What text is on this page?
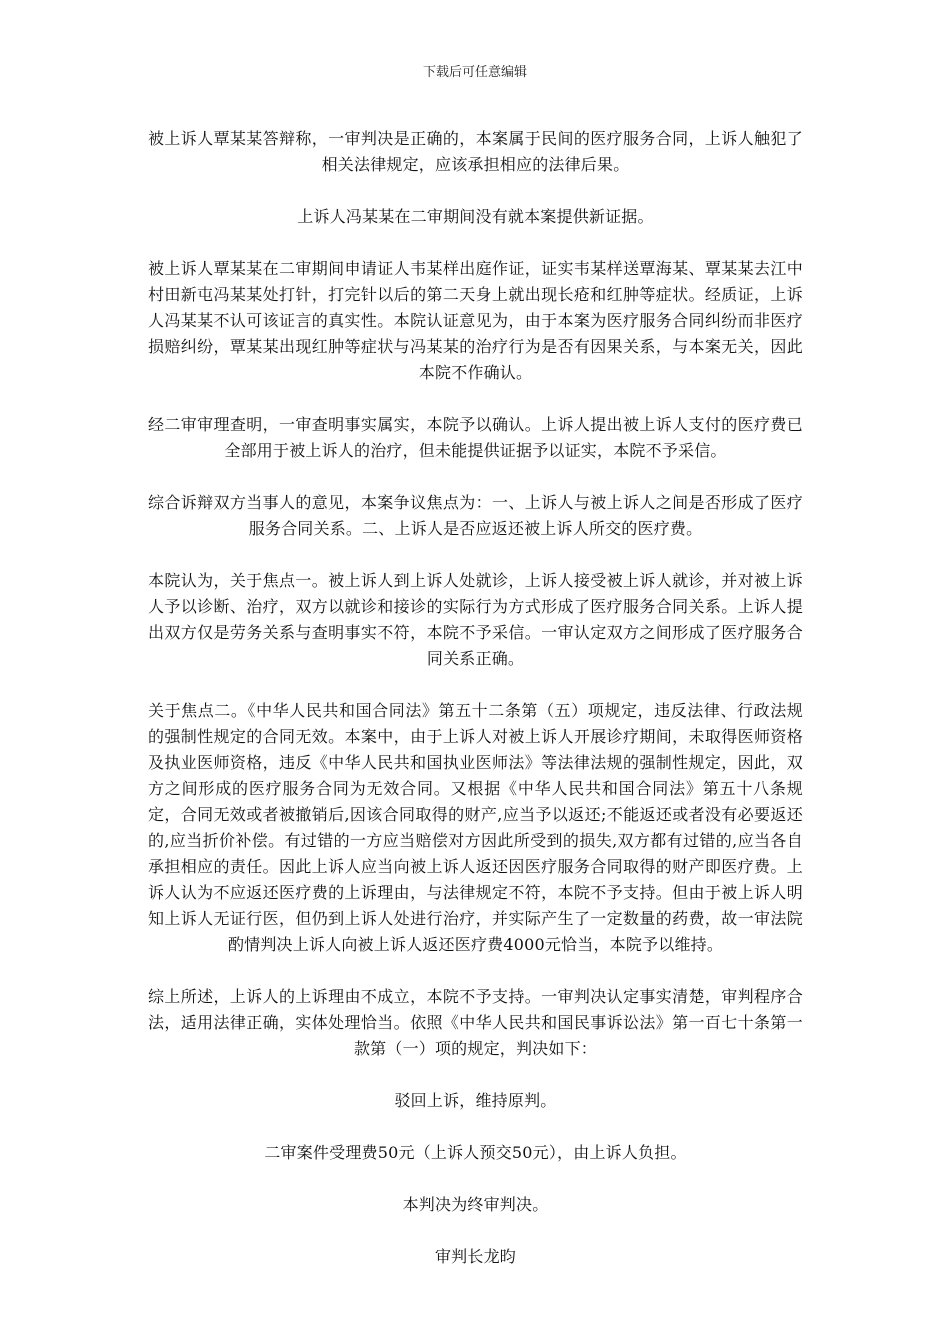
下载后可任意编辑

被上诉人覃某某答辩称，一审判决是正确的，本案属于民间的医疗服务合同，上诉人触犯了相关法律规定，应该承担相应的法律后果。

上诉人冯某某在二审期间没有就本案提供新证据。

被上诉人覃某某在二审期间申请证人韦某样出庭作证，证实韦某样送覃海某、覃某某去江中村田新屯冯某某处打针，打完针以后的第二天身上就出现长疮和红肿等症状。经质证，上诉人冯某某不认可该证言的真实性。本院认证意见为，由于本案为医疗服务合同纠纷而非医疗损赔纠纷，覃某某出现红肿等症状与冯某某的治疗行为是否有因果关系，与本案无关，因此本院不作确认。

经二审审理查明，一审查明事实属实，本院予以确认。上诉人提出被上诉人支付的医疗费已全部用于被上诉人的治疗，但未能提供证据予以证实，本院不予采信。

综合诉辩双方当事人的意见，本案争议焦点为：一、上诉人与被上诉人之间是否形成了医疗服务合同关系。二、上诉人是否应返还被上诉人所交的医疗费。

本院认为，关于焦点一。被上诉人到上诉人处就诊，上诉人接受被上诉人就诊，并对被上诉人予以诊断、治疗，双方以就诊和接诊的实际行为方式形成了医疗服务合同关系。上诉人提出双方仅是劳务关系与查明事实不符，本院不予采信。一审认定双方之间形成了医疗服务合同关系正确。

关于焦点二。《中华人民共和国合同法》第五十二条第（五）项规定，违反法律、行政法规的强制性规定的合同无效。本案中，由于上诉人对被上诉人开展诊疗期间，未取得医师资格及执业医师资格，违反《中华人民共和国执业医师法》等法律法规的强制性规定，因此，双方之间形成的医疗服务合同为无效合同。又根据《中华人民共和国合同法》第五十八条规定，合同无效或者被撤销后,因该合同取得的财产,应当予以返还;不能返还或者没有必要返还的,应当折价补偿。有过错的一方应当赔偿对方因此所受到的损失,双方都有过错的,应当各自承担相应的责任。因此上诉人应当向被上诉人返还因医疗服务合同取得的财产即医疗费。上诉人认为不应返还医疗费的上诉理由，与法律规定不符，本院不予支持。但由于被上诉人明知上诉人无证行医，但仍到上诉人处进行治疗，并实际产生了一定数量的药费，故一审法院酌情判决上诉人向被上诉人返还医疗费4000元恰当，本院予以维持。

综上所述，上诉人的上诉理由不成立，本院不予支持。一审判决认定事实清楚，审判程序合法，适用法律正确，实体处理恰当。依照《中华人民共和国民事诉讼法》第一百七十条第一款第（一）项的规定，判决如下：

驳回上诉，维持原判。

二审案件受理费50元（上诉人预交50元），由上诉人负担。

本判决为终审判决。

审判长龙昀
